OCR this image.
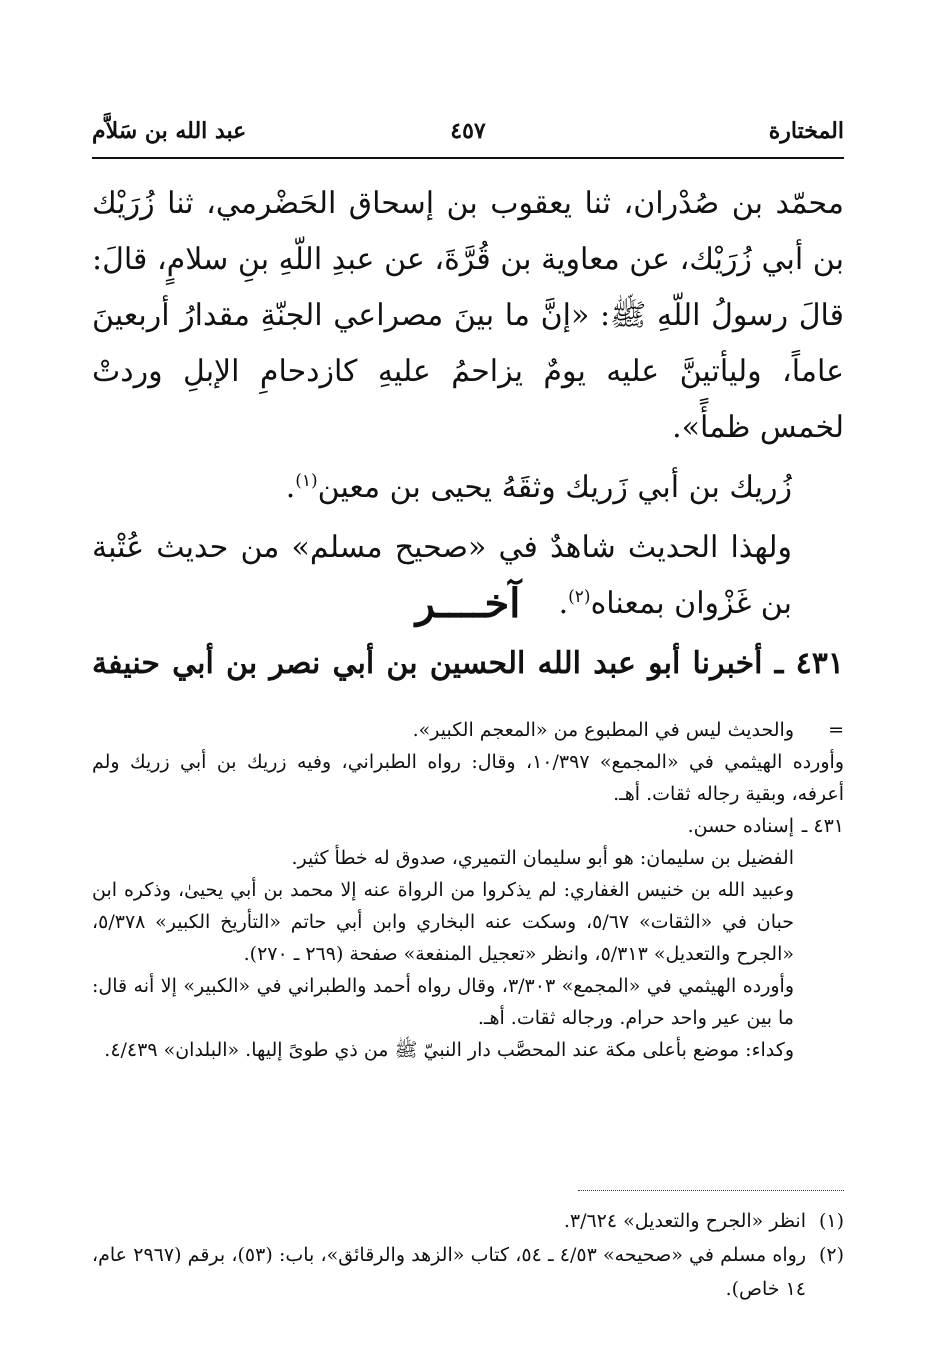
المختارة
٤٥٧
عبد الله بن سَلاَّم

محمّد بن صُدْران، ثنا يعقوب بن إسحاق الحَضْرمي، ثنا زُرَيْك بن أبي زُرَيْك، عن معاوية بن قُرَّةَ، عن عبدِ اللّهِ بنِ سلامٍ، قالَ: قالَ رسولُ اللّهِ ﷺ: «إنَّ ما بينَ مصراعي الجنّةِ مقدارُ أربعينَ عاماً، وليأتينَّ عليه يومٌ يزاحمُ عليهِ كازدحامِ الإبلِ وردتْ لخمس ظمأً».

زُريك بن أبي زَريك وثقَهُ يحيى بن معين$^{(١)}$.

ولهذا الحديث شاهدٌ في «صحيح مسلم» من حديث عُتْبة بن غَزْوان بمعناه$^{(٢)}$.

آخــــر
٤٣١ ـ أخبرنا أبو عبد الله الحسين بن أبي نصر بن أبي حنيفة

=
والحديث ليس في المطبوع من «المعجم الكبير».

وأورده الهيثمي في «المجمع» ١٠/٣٩٧، وقال: رواه الطبراني، وفيه زريك بن أبي زريك ولم أعرفه، وبقية رجاله ثقات. أهـ.

٤٣١ ـ
إسناده حسن.

الفضيل بن سليمان: هو أبو سليمان التميري، صدوق له خطأ كثير.

وعبيد الله بن خنيس الغفاري: لم يذكروا من الرواة عنه إلا محمد بن أبي يحيىٰ، وذكره ابن حبان في «الثقات» ٥/٦٧، وسكت عنه البخاري وابن أبي حاتم «التأريخ الكبير» ٥/٣٧٨، «الجرح والتعديل» ٥/٣١٣، وانظر «تعجيل المنفعة» صفحة (٢٦٩ ـ ٢٧٠).

وأورده الهيثمي في «المجمع» ٣/٣٠٣، وقال رواه أحمد والطبراني في «الكبير» إلا أنه قال: ما بين عير واحد حرام. ورجاله ثقات. أهـ.

وكداء: موضع بأعلى مكة عند المحصَّب دار النبيّ ﷺ من ذي طوىً إليها. «البلدان» ٤/٤٣٩.

(١)
انظر «الجرح والتعديل» ٣/٦٢٤.

(٢)
رواه مسلم في «صحيحه» ٤/٥٣ ـ ٥٤، كتاب «الزهد والرقائق»، باب: (٥٣)، برقم (٢٩٦٧ عام، ١٤ خاص).
